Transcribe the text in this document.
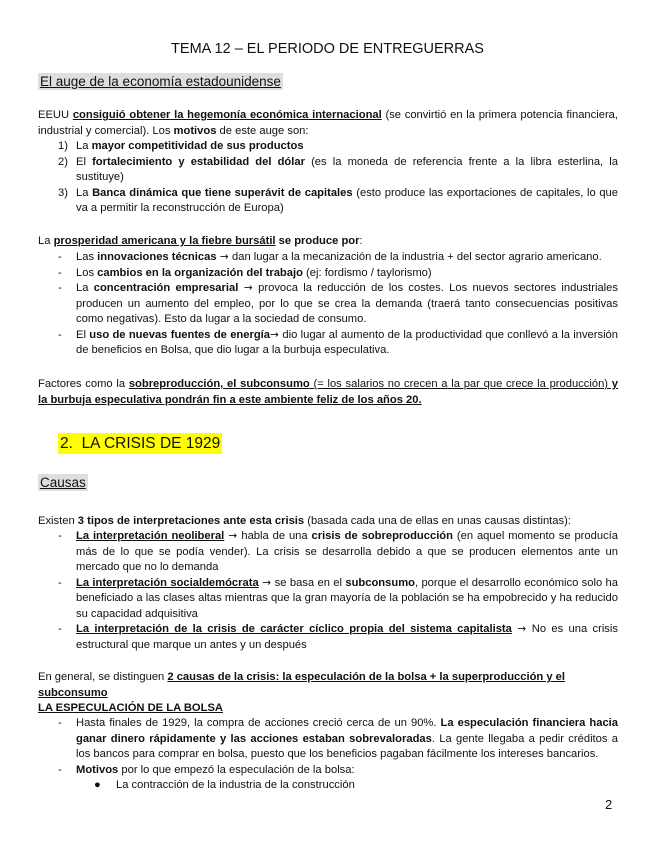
TEMA 12 – EL PERIODO DE ENTREGUERRAS
El auge de la economía estadounidense
EEUU consiguió obtener la hegemonía económica internacional (se convirtió en la primera potencia financiera, industrial y comercial). Los motivos de este auge son:
1) La mayor competitividad de sus productos
2) El fortalecimiento y estabilidad del dólar (es la moneda de referencia frente a la libra esterlina, la sustituye)
3) La Banca dinámica que tiene superávit de capitales (esto produce las exportaciones de capitales, lo que va a permitir la reconstrucción de Europa)
La prosperidad americana y la fiebre bursátil se produce por:
- Las innovaciones técnicas → dan lugar a la mecanización de la industria + del sector agrario americano.
- Los cambios en la organización del trabajo (ej: fordismo / taylorismo)
- La concentración empresarial → provoca la reducción de los costes. Los nuevos sectores industriales producen un aumento del empleo, por lo que se crea la demanda (traerá tanto consecuencias positivas como negativas). Esto da lugar a la sociedad de consumo.
- El uso de nuevas fuentes de energía→ dio lugar al aumento de la productividad que conllevó a la inversión de beneficios en Bolsa, que dio lugar a la burbuja especulativa.
Factores como la sobreproducción, el subconsumo (= los salarios no crecen a la par que crece la producción) y la burbuja especulativa pondrán fin a este ambiente feliz de los años 20.
2. LA CRISIS DE 1929
Causas
Existen 3 tipos de interpretaciones ante esta crisis (basada cada una de ellas en unas causas distintas):
- La interpretación neoliberal → habla de una crisis de sobreproducción (en aquel momento se producía más de lo que se podía vender). La crisis se desarrolla debido a que se producen elementos ante un mercado que no lo demanda
- La interpretación socialdemócrata → se basa en el subconsumo, porque el desarrollo económico solo ha beneficiado a las clases altas mientras que la gran mayoría de la población se ha empobrecido y ha reducido su capacidad adquisitiva
- La interpretación de la crisis de carácter cíclico propia del sistema capitalista → No es una crisis estructural que marque un antes y un después
En general, se distinguen 2 causas de la crisis: la especulación de la bolsa + la superproducción y el subconsumo
LA ESPECULACIÓN DE LA BOLSA
- Hasta finales de 1929, la compra de acciones creció cerca de un 90%. La especulación financiera hacia ganar dinero rápidamente y las acciones estaban sobrevaloradas. La gente llegaba a pedir créditos a los bancos para comprar en bolsa, puesto que los beneficios pagaban fácilmente los intereses bancarios.
- Motivos por lo que empezó la especulación de la bolsa:
● La contracción de la industria de la construcción
2
